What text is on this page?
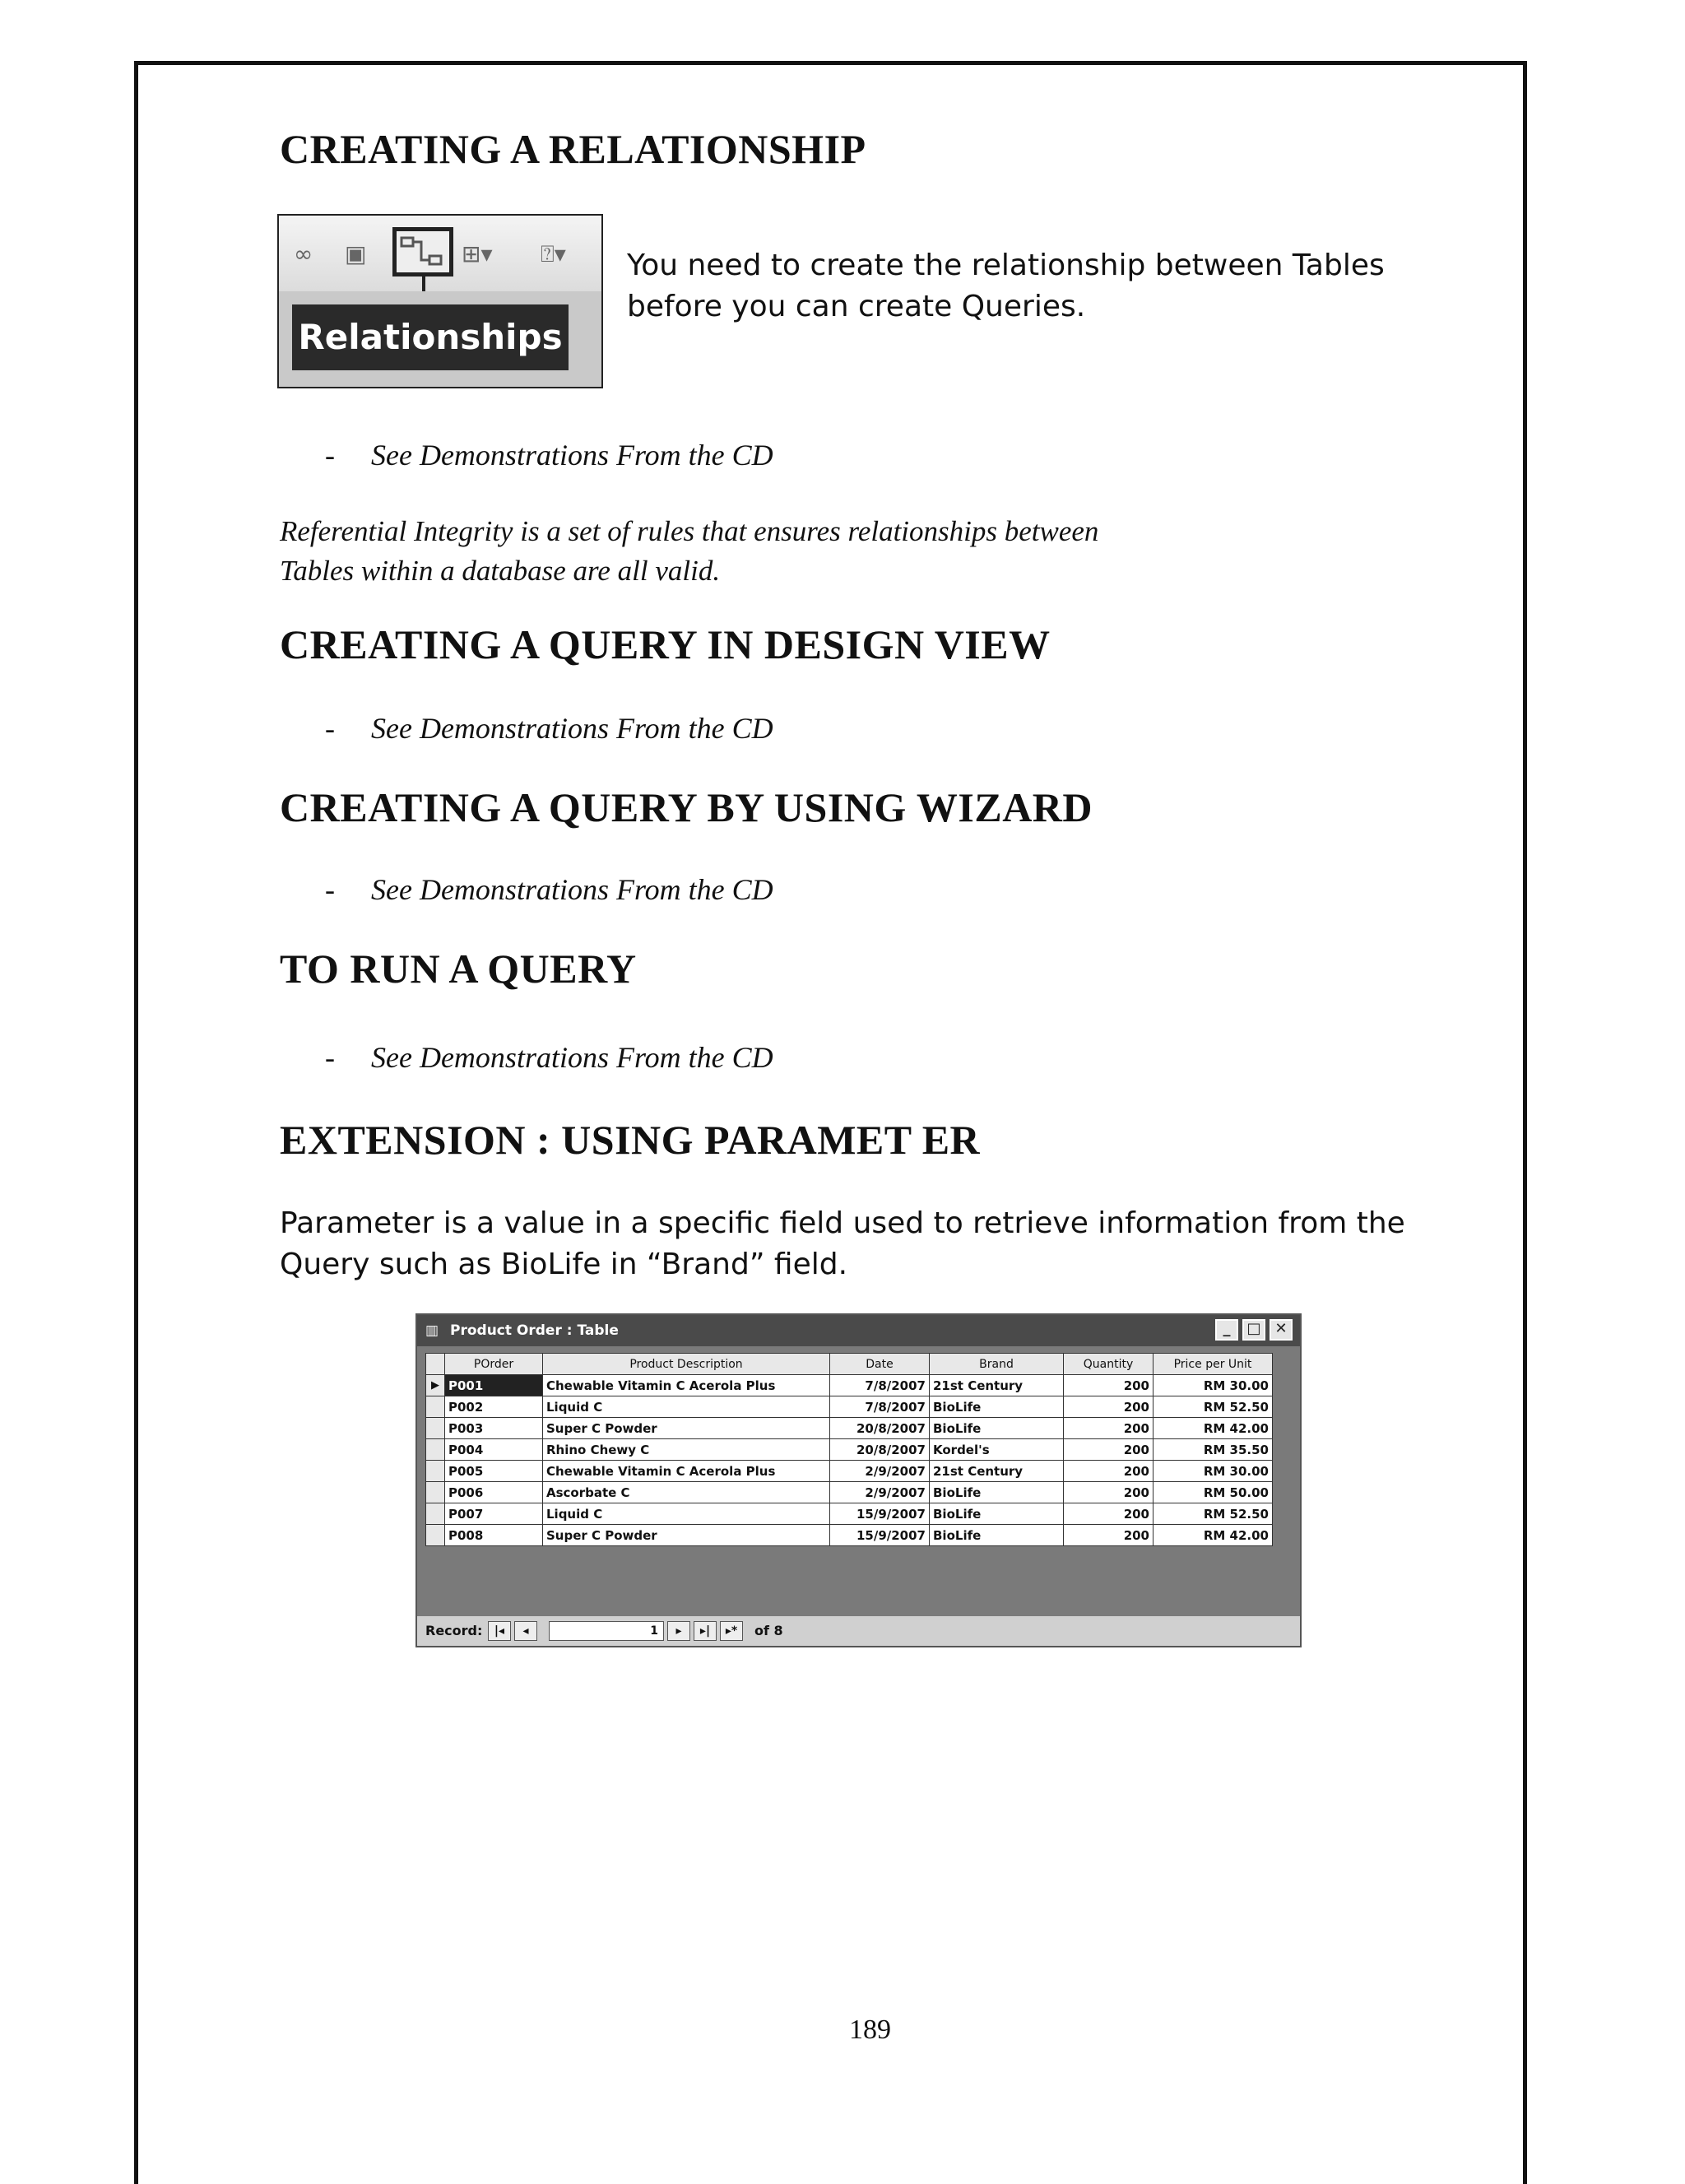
CREATING A RELATIONSHIP
∞ ▣	⊞▾ ⍰▾
Relationships
You need to create the relationship between Tables
before you can create Queries.
- See Demonstrations From the CD
Referential Integrity is a set of rules that ensures relationships between
Tables within a database are all valid.
CREATING A QUERY IN DESIGN VIEW
- See Demonstrations From the CD
CREATING A QUERY BY USING WIZARD
- See Demonstrations From the CD
TO RUN A QUERY
- See Demonstrations From the CD
EXTENSION : USING PARAMET ER
Parameter is a value in a specific field used to retrieve information from the
Query such as BioLife in “Brand” field.
▥ Product Order : Table	_	□ ✕
	POrder	Product Description	Date	Brand	Quantity	Price per Unit
▶	P001	Chewable Vitamin C Acerola Plus	7/8/2007	21st Century	200	RM 30.00
	P002	Liquid C	7/8/2007	BioLife	200	RM 52.50
	P003	Super C Powder	20/8/2007	BioLife	200	RM 42.00
	P004	Rhino Chewy C	20/8/2007	Kordel's	200	RM 35.50
	P005	Chewable Vitamin C Acerola Plus	2/9/2007	21st Century	200	RM 30.00
	P006	Ascorbate C	2/9/2007	BioLife	200	RM 50.00
	P007	Liquid C	15/9/2007	BioLife	200	RM 52.50
	P008	Super C Powder	15/9/2007	BioLife	200	RM 42.00
Record:	|◂	◂	1	▸	▸|	▸*	of 8
189
